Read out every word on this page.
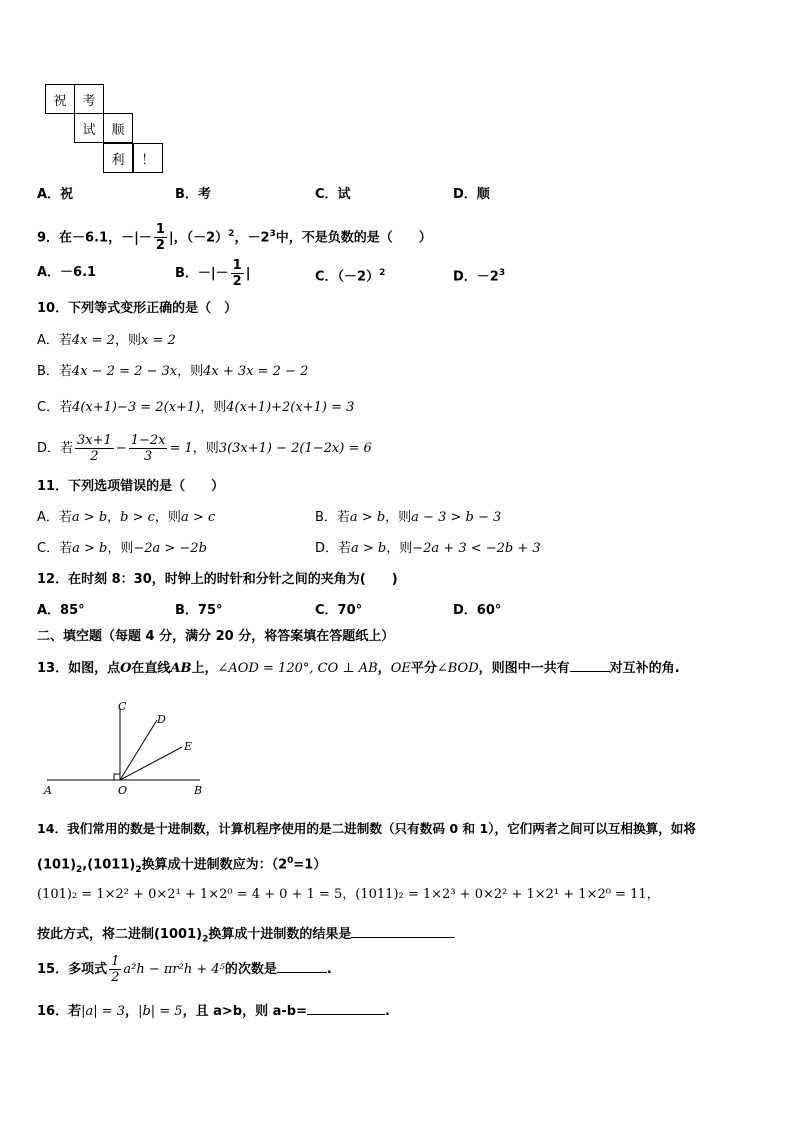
祝	考
试	顺
利	！
A．祝	B．考	C．试	D．顺
9．在－6.1，－|－ $\frac{1}{2}$ |，$(-2)^2$，$-2^3$中，不是负数的是（　　）
A．－6.1	B．－|－ $\frac{1}{2}$ |	C．$(-2)^2$	D．$-2^3$
10．下列等式变形正确的是（　）
A．若4x = 2，则x = 2
B．若4x − 2 = 2 − 3x，则4x + 3x = 2 − 2
C．若4(x+1)−3 = 2(x+1)，则4(x+1)+2(x+1) = 3
D．若 $\frac{3x+1}{2} - \frac{1-2x}{3} = 1$，则3(3x+1) − 2(1−2x) = 6
11．下列选项错误的是（　　）
A．若a > b，b > c，则a > c	B．若a > b，则a − 3 > b − 3
C．若a > b，则−2a > −2b	D．若a > b，则−2a + 3 < −2b + 3
12．在时刻 8：30，时钟上的时针和分针之间的夹角为(　　)
A．85°	B．75°	C．70°	D．60°
二、填空题（每题 4 分，满分 20 分，将答案填在答题纸上）
13．如图，点O在直线AB上，∠AOD = 120°, CO ⊥ AB，OE平分∠BOD，则图中一共有	对互补的角.
C
D
E
A	O	B
14．我们常用的数是十进制数，计算机程序使用的是二进制数（只有数码 0 和 1），它们两者之间可以互相换算，如将
$(101)_2,(1011)_2$换算成十进制数应为：$(2^0=1)$
(101)₂ = 1×2² + 0×2¹ + 1×2⁰ = 4 + 0 + 1 = 5，(1011)₂ = 1×2³ + 0×2² + 1×2¹ + 1×2⁰ = 11，
按此方式，将二进制$(1001)_2$换算成十进制数的结果是
15．多项式 $\frac{1}{2} a^2h - \pi r^2h + 4^5$的次数是	.
16．若|a| = 3，|b| = 5，且 a>b，则 a-b=	.
